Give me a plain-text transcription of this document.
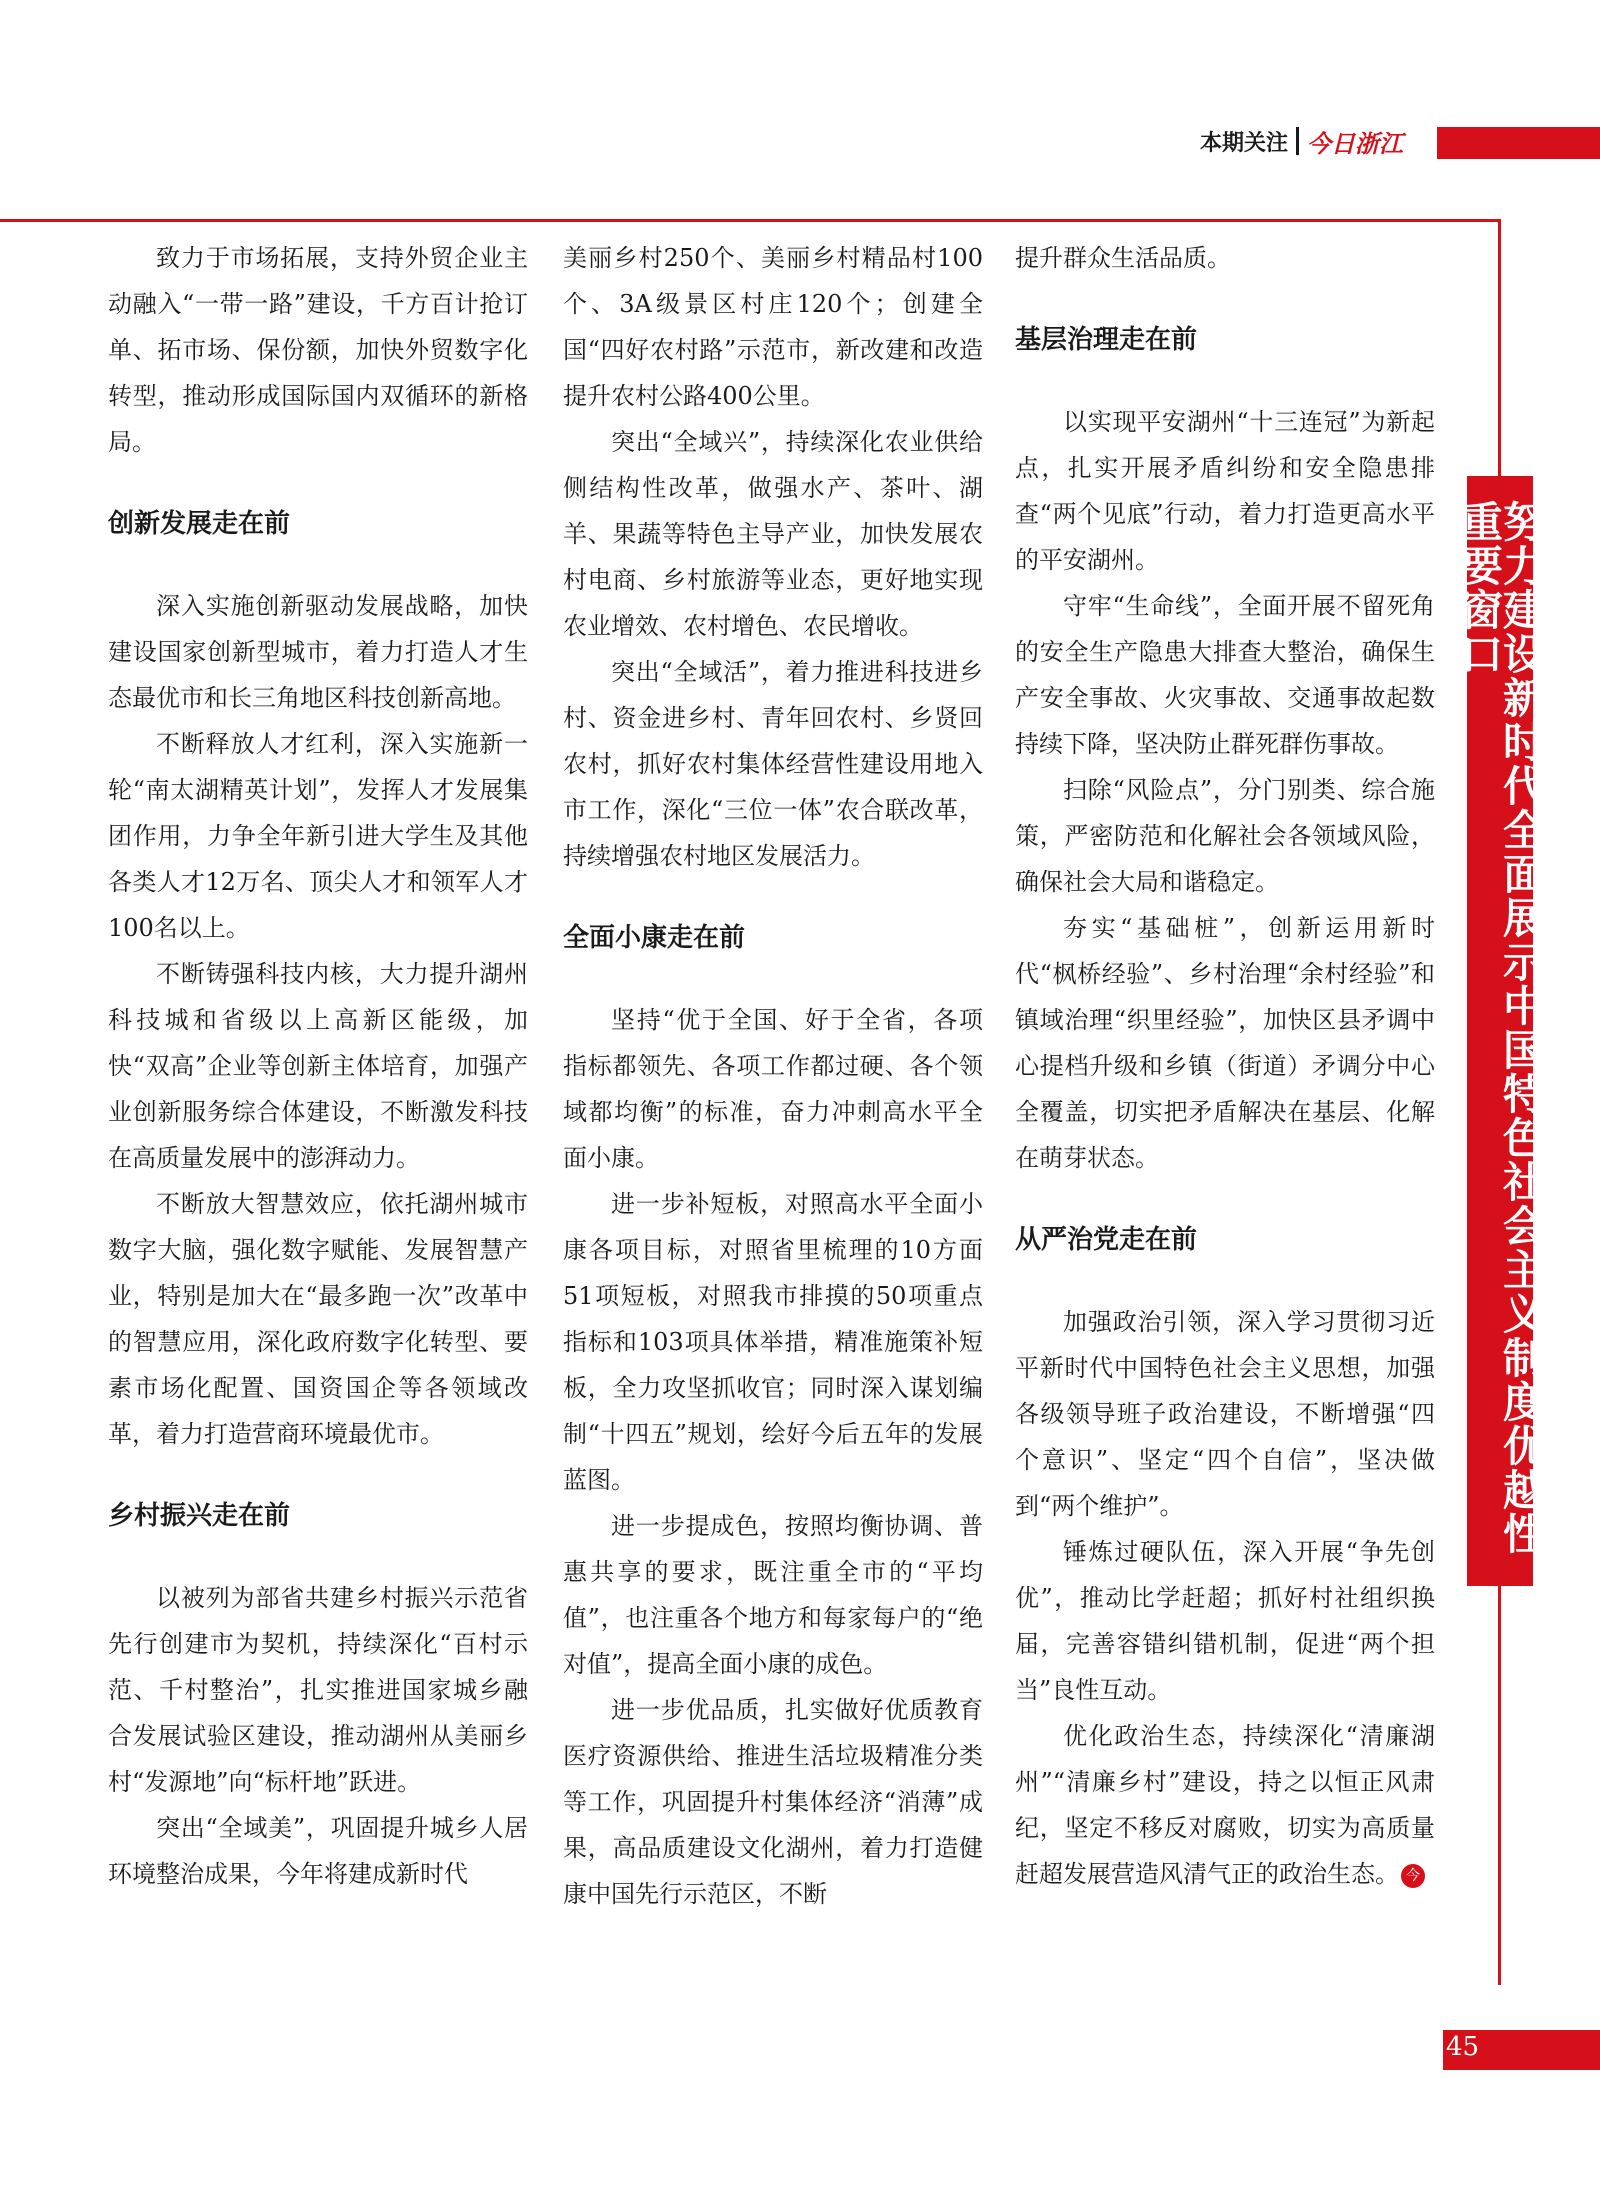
本期关注 今日浙江
努力建设新时代全面展示中国特色社会主义制度优越性重要窗口

致力于市场拓展，支持外贸企业主动融入“一带一路”建设，千方百计抢订单、拓市场、保份额，加快外贸数字化转型，推动形成国际国内双循环的新格局。

创新发展走在前

深入实施创新驱动发展战略，加快建设国家创新型城市，着力打造人才生态最优市和长三角地区科技创新高地。

不断释放人才红利，深入实施新一轮“南太湖精英计划”，发挥人才发展集团作用，力争全年新引进大学生及其他各类人才12万名、顶尖人才和领军人才100名以上。

不断铸强科技内核，大力提升湖州科技城和省级以上高新区能级，加快“双高”企业等创新主体培育，加强产业创新服务综合体建设，不断激发科技在高质量发展中的澎湃动力。

不断放大智慧效应，依托湖州城市数字大脑，强化数字赋能、发展智慧产业，特别是加大在“最多跑一次”改革中的智慧应用，深化政府数字化转型、要素市场化配置、国资国企等各领域改革，着力打造营商环境最优市。

乡村振兴走在前

以被列为部省共建乡村振兴示范省先行创建市为契机，持续深化“百村示范、千村整治”，扎实推进国家城乡融合发展试验区建设，推动湖州从美丽乡村“发源地”向“标杆地”跃进。

突出“全域美”，巩固提升城乡人居环境整治成果，今年将建成新时代

美丽乡村250个、美丽乡村精品村100个、3A级景区村庄120个；创建全国“四好农村路”示范市，新改建和改造提升农村公路400公里。

突出“全域兴”，持续深化农业供给侧结构性改革，做强水产、茶叶、湖羊、果蔬等特色主导产业，加快发展农村电商、乡村旅游等业态，更好地实现农业增效、农村增色、农民增收。

突出“全域活”，着力推进科技进乡村、资金进乡村、青年回农村、乡贤回农村，抓好农村集体经营性建设用地入市工作，深化“三位一体”农合联改革，持续增强农村地区发展活力。

全面小康走在前

坚持“优于全国、好于全省，各项指标都领先、各项工作都过硬、各个领域都均衡”的标准，奋力冲刺高水平全面小康。

进一步补短板，对照高水平全面小康各项目标，对照省里梳理的10方面51项短板，对照我市排摸的50项重点指标和103项具体举措，精准施策补短板，全力攻坚抓收官；同时深入谋划编制“十四五”规划，绘好今后五年的发展蓝图。

进一步提成色，按照均衡协调、普惠共享的要求，既注重全市的“平均值”，也注重各个地方和每家每户的“绝对值”，提高全面小康的成色。

进一步优品质，扎实做好优质教育医疗资源供给、推进生活垃圾精准分类等工作，巩固提升村集体经济“消薄”成果，高品质建设文化湖州，着力打造健康中国先行示范区，不断

提升群众生活品质。

基层治理走在前

以实现平安湖州“十三连冠”为新起点，扎实开展矛盾纠纷和安全隐患排查“两个见底”行动，着力打造更高水平的平安湖州。

守牢“生命线”，全面开展不留死角的安全生产隐患大排查大整治，确保生产安全事故、火灾事故、交通事故起数持续下降，坚决防止群死群伤事故。

扫除“风险点”，分门别类、综合施策，严密防范和化解社会各领域风险，确保社会大局和谐稳定。

夯实“基础桩”，创新运用新时代“枫桥经验”、乡村治理“余村经验”和镇域治理“织里经验”，加快区县矛调中心提档升级和乡镇（街道）矛调分中心全覆盖，切实把矛盾解决在基层、化解在萌芽状态。

从严治党走在前

加强政治引领，深入学习贯彻习近平新时代中国特色社会主义思想，加强各级领导班子政治建设，不断增强“四个意识”、坚定“四个自信”，坚决做到“两个维护”。

锤炼过硬队伍，深入开展“争先创优”，推动比学赶超；抓好村社组织换届，完善容错纠错机制，促进“两个担当”良性互动。

优化政治生态，持续深化“清廉湖州”“清廉乡村”建设，持之以恒正风肃纪，坚定不移反对腐败，切实为高质量赶超发展营造风清气正的政治生态。 今

45
